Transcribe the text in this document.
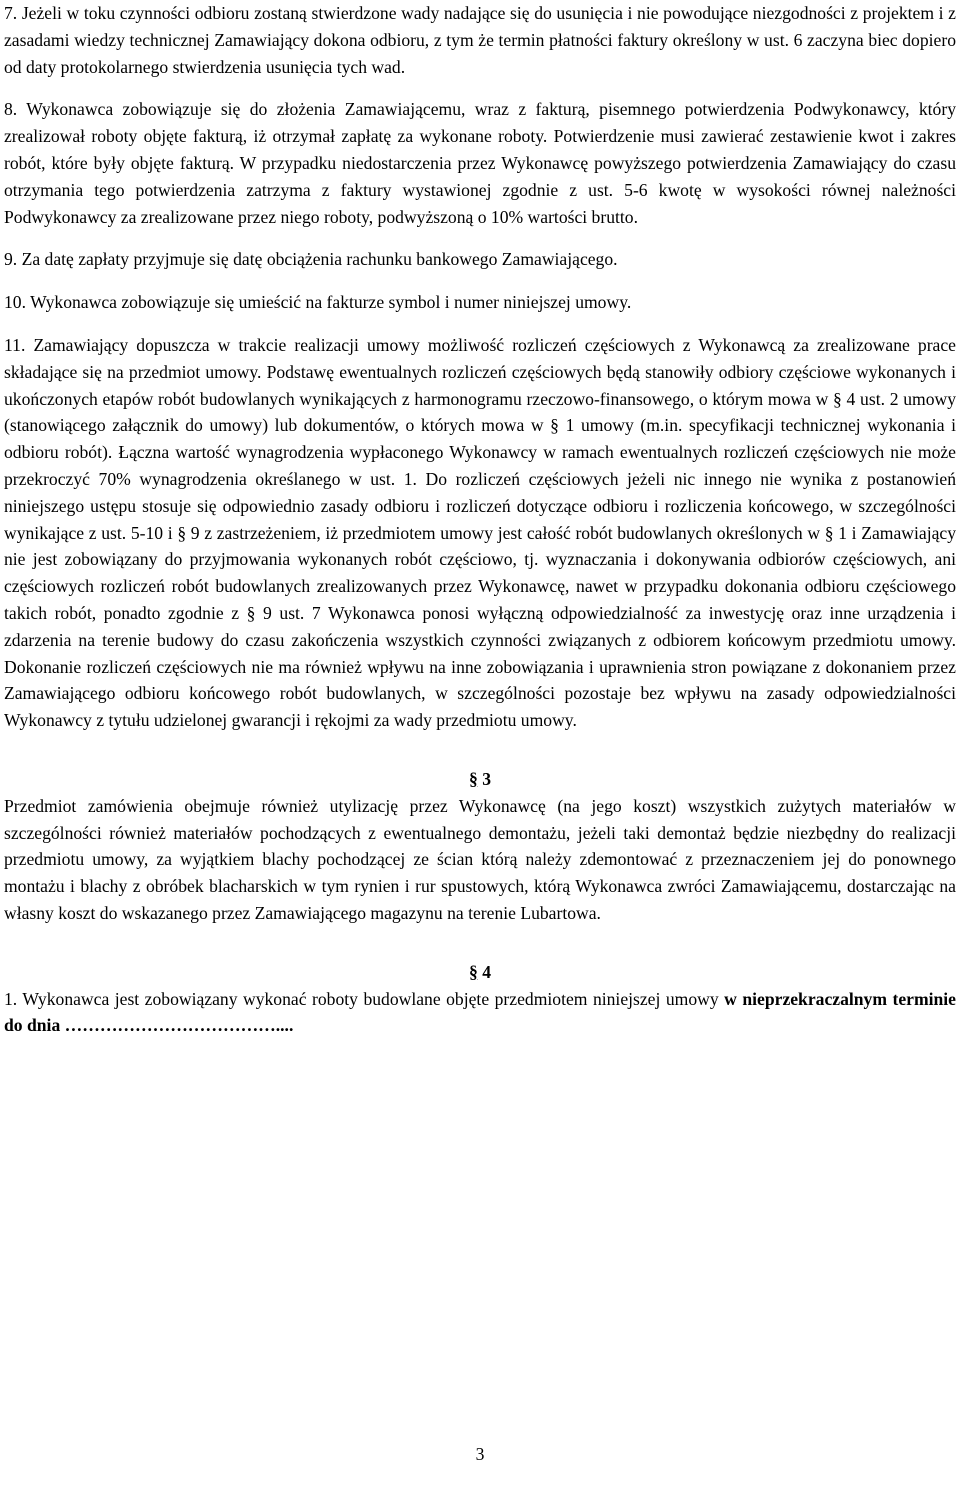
7. Jeżeli w toku czynności odbioru zostaną stwierdzone wady nadające się do usunięcia i nie powodujące niezgodności z projektem i z zasadami wiedzy technicznej Zamawiający dokona odbioru, z tym że termin płatności faktury określony w ust. 6 zaczyna biec dopiero od daty protokolarnego stwierdzenia usunięcia tych wad.

8. Wykonawca zobowiązuje się do złożenia Zamawiającemu, wraz z fakturą, pisemnego potwierdzenia Podwykonawcy, który zrealizował roboty objęte fakturą, iż otrzymał zapłatę za wykonane roboty. Potwierdzenie musi zawierać zestawienie kwot i zakres robót, które były objęte fakturą. W przypadku niedostarczenia przez Wykonawcę powyższego potwierdzenia Zamawiający do czasu otrzymania tego potwierdzenia zatrzyma z faktury wystawionej zgodnie z ust. 5-6 kwotę w wysokości równej należności Podwykonawcy za zrealizowane przez niego roboty, podwyższoną o 10% wartości brutto.

9. Za datę zapłaty przyjmuje się datę obciążenia rachunku bankowego Zamawiającego.

10. Wykonawca zobowiązuje się umieścić na fakturze symbol i numer niniejszej umowy.

11. Zamawiający dopuszcza w trakcie realizacji umowy możliwość rozliczeń częściowych z Wykonawcą za zrealizowane prace składające się na przedmiot umowy. Podstawę ewentualnych rozliczeń częściowych będą stanowiły odbiory częściowe wykonanych i ukończonych etapów robót budowlanych wynikających z harmonogramu rzeczowo-finansowego, o którym mowa w § 4 ust. 2 umowy (stanowiącego załącznik do umowy) lub dokumentów, o których mowa w § 1 umowy (m.in. specyfikacji technicznej wykonania i odbioru robót). Łączna wartość wynagrodzenia wypłaconego Wykonawcy w ramach ewentualnych rozliczeń częściowych nie może przekroczyć 70% wynagrodzenia określanego w ust. 1. Do rozliczeń częściowych jeżeli nic innego nie wynika z postanowień niniejszego ustępu stosuje się odpowiednio zasady odbioru i rozliczeń dotyczące odbioru i rozliczenia końcowego, w szczególności wynikające z ust. 5-10 i § 9 z zastrzeżeniem, iż przedmiotem umowy jest całość robót budowlanych określonych w § 1 i Zamawiający nie jest zobowiązany do przyjmowania wykonanych robót częściowo, tj. wyznaczania i dokonywania odbiorów częściowych, ani częściowych rozliczeń robót budowlanych zrealizowanych przez Wykonawcę, nawet w przypadku dokonania odbioru częściowego takich robót, ponadto zgodnie z § 9 ust. 7 Wykonawca ponosi wyłączną odpowiedzialność za inwestycję oraz inne urządzenia i zdarzenia na terenie budowy do czasu zakończenia wszystkich czynności związanych z odbiorem końcowym przedmiotu umowy. Dokonanie rozliczeń częściowych nie ma również wpływu na inne zobowiązania i uprawnienia stron powiązane z dokonaniem przez Zamawiającego odbioru końcowego robót budowlanych, w szczególności pozostaje bez wpływu na zasady odpowiedzialności Wykonawcy z tytułu udzielonej gwarancji i rękojmi za wady przedmiotu umowy.

§ 3

Przedmiot zamówienia obejmuje również utylizację przez Wykonawcę (na jego koszt) wszystkich zużytych materiałów w szczególności również materiałów pochodzących z ewentualnego demontażu, jeżeli taki demontaż będzie niezbędny do realizacji przedmiotu umowy, za wyjątkiem blachy pochodzącej ze ścian którą należy zdemontować z przeznaczeniem jej do ponownego montażu i blachy z obróbek blacharskich w tym rynien i rur spustowych, którą Wykonawca zwróci Zamawiającemu, dostarczając na własny koszt do wskazanego przez Zamawiającego magazynu na terenie Lubartowa.

§ 4

1. Wykonawca jest zobowiązany wykonać roboty budowlane objęte przedmiotem niniejszej umowy w nieprzekraczalnym terminie do dnia ………………………………....

3
